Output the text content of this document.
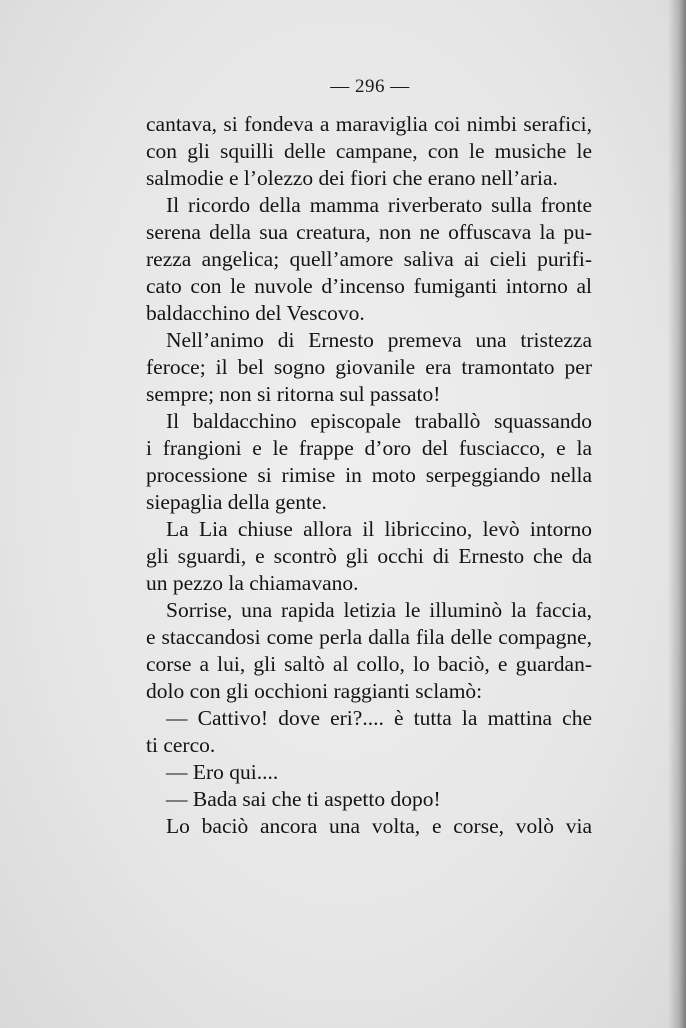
— 296 —
cantava, si fondeva a maraviglia coi nimbi serafici,
con gli squilli delle campane, con le musiche le
salmodie e l’olezzo dei fiori che erano nell’aria.
Il ricordo della mamma riverberato sulla fronte
serena della sua creatura, non ne offuscava la pu-
rezza angelica; quell’amore saliva ai cieli purifi-
cato con le nuvole d’incenso fumiganti intorno al
baldacchino del Vescovo.
Nell’animo di Ernesto premeva una tristezza
feroce; il bel sogno giovanile era tramontato per
sempre; non si ritorna sul passato!
Il baldacchino episcopale traballò squassando
i frangioni e le frappe d’oro del fusciacco, e la
processione si rimise in moto serpeggiando nella
siepaglia della gente.
La Lia chiuse allora il libriccino, levò intorno
gli sguardi, e scontrò gli occhi di Ernesto che da
un pezzo la chiamavano.
Sorrise, una rapida letizia le illuminò la faccia,
e staccandosi come perla dalla fila delle compagne,
corse a lui, gli saltò al collo, lo baciò, e guardan-
dolo con gli occhioni raggianti sclamò:
— Cattivo! dove eri?.... è tutta la mattina che
ti cerco.
— Ero qui....
— Bada sai che ti aspetto dopo!
Lo baciò ancora una volta, e corse, volò via
